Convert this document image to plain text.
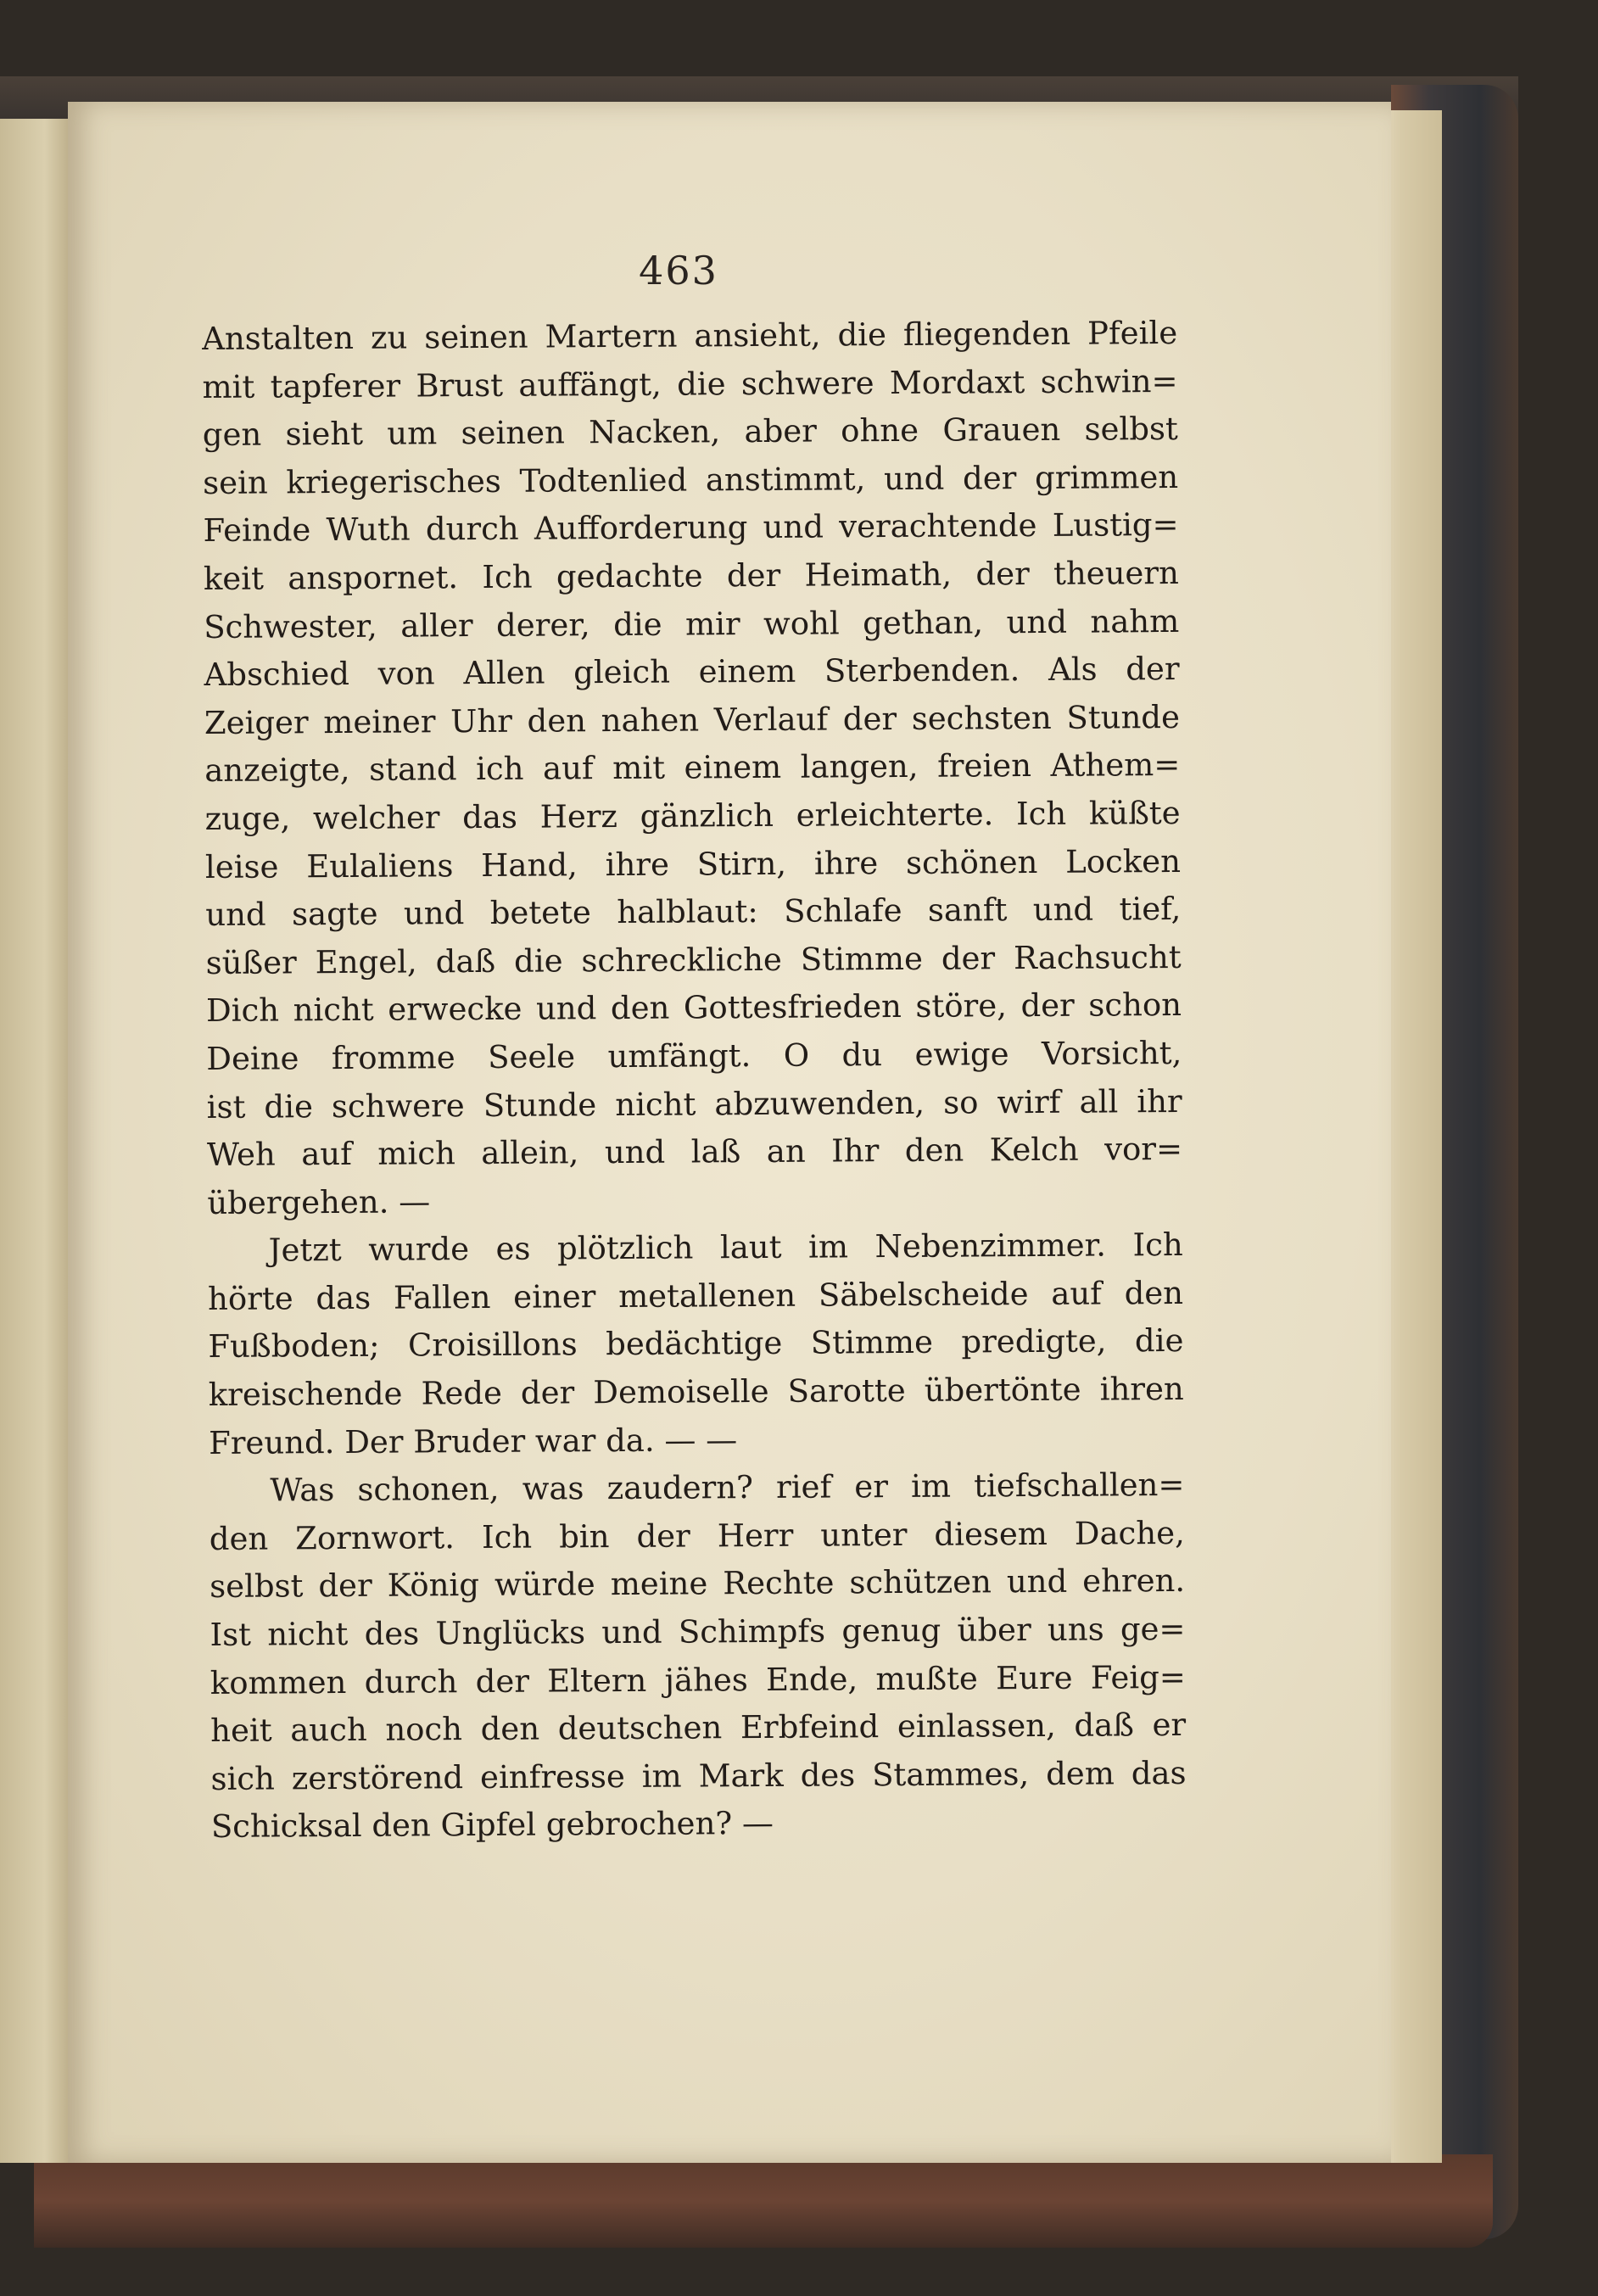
463
Anstalten zu seinen Martern ansieht, die fliegenden Pfeile
mit tapferer Brust auffängt, die schwere Mordaxt schwin=
gen sieht um seinen Nacken, aber ohne Grauen selbst
sein kriegerisches Todtenlied anstimmt, und der grimmen
Feinde Wuth durch Aufforderung und verachtende Lustig=
keit anspornet. Ich gedachte der Heimath, der theuern
Schwester, aller derer, die mir wohl gethan, und nahm
Abschied von Allen gleich einem Sterbenden. Als der
Zeiger meiner Uhr den nahen Verlauf der sechsten Stunde
anzeigte, stand ich auf mit einem langen, freien Athem=
zuge, welcher das Herz gänzlich erleichterte. Ich küßte
leise Eulaliens Hand, ihre Stirn, ihre schönen Locken
und sagte und betete halblaut: Schlafe sanft und tief,
süßer Engel, daß die schreckliche Stimme der Rachsucht
Dich nicht erwecke und den Gottesfrieden störe, der schon
Deine fromme Seele umfängt. O du ewige Vorsicht,
ist die schwere Stunde nicht abzuwenden, so wirf all ihr
Weh auf mich allein, und laß an Ihr den Kelch vor=
übergehen. —
Jetzt wurde es plötzlich laut im Nebenzimmer. Ich
hörte das Fallen einer metallenen Säbelscheide auf den
Fußboden; Croisillons bedächtige Stimme predigte, die
kreischende Rede der Demoiselle Sarotte übertönte ihren
Freund. Der Bruder war da. — —
Was schonen, was zaudern? rief er im tiefschallen=
den Zornwort. Ich bin der Herr unter diesem Dache,
selbst der König würde meine Rechte schützen und ehren.
Ist nicht des Unglücks und Schimpfs genug über uns ge=
kommen durch der Eltern jähes Ende, mußte Eure Feig=
heit auch noch den deutschen Erbfeind einlassen, daß er
sich zerstörend einfresse im Mark des Stammes, dem das
Schicksal den Gipfel gebrochen? —
